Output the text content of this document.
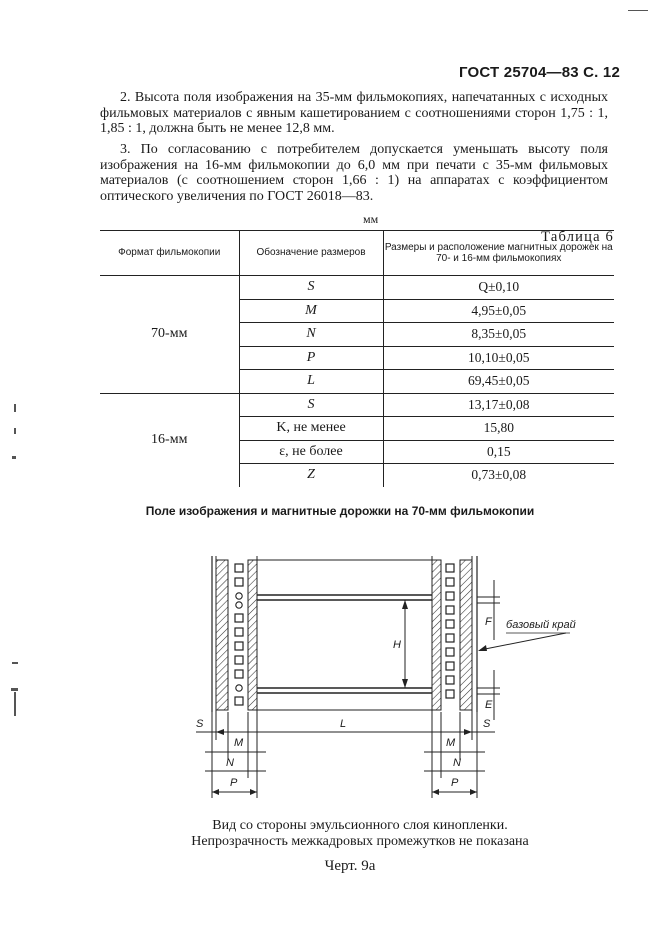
ГОСТ 25704—83 С. 12

2. Высота поля изображения на 35-мм фильмокопиях, напечатанных с исходных фильмовых материалов с явным кашетированием с соотношениями сторон 1,75 : 1, 1,85 : 1, должна быть не менее 12,8 мм.

3. По согласованию с потребителем допускается уменьшать высоту поля изображения на 16-мм фильмокопии до 6,0 мм при печати с 35-мм фильмовых материалов (с соотношением сторон 1,66 : 1) на аппаратах с коэффициентом оптического увеличения по ГОСТ 26018—83.

Таблица 6
мм
Формат фильмокопии	Обозначение размеров	Размеры и расположение магнитных дорожек на 70- и 16-мм фильмокопиях
70-мм	S	Q±0,10
	M	4,95±0,05
	N	8,35±0,05
	P	10,10±0,05
	L	69,45±0,05
16-мм	S	13,17±0,08
	K, не менее	15,80
	ε, не более	0,15
	Z	0,73±0,08
Поле изображения и магнитные дорожки на 70-мм фильмокопии
H
F
E
базовый край
S	L	S
M	M
N	N
P	P
Вид со стороны эмульсионного слоя кинопленки. Непрозрачность межкадровых промежутков не показана
Черт. 9а
